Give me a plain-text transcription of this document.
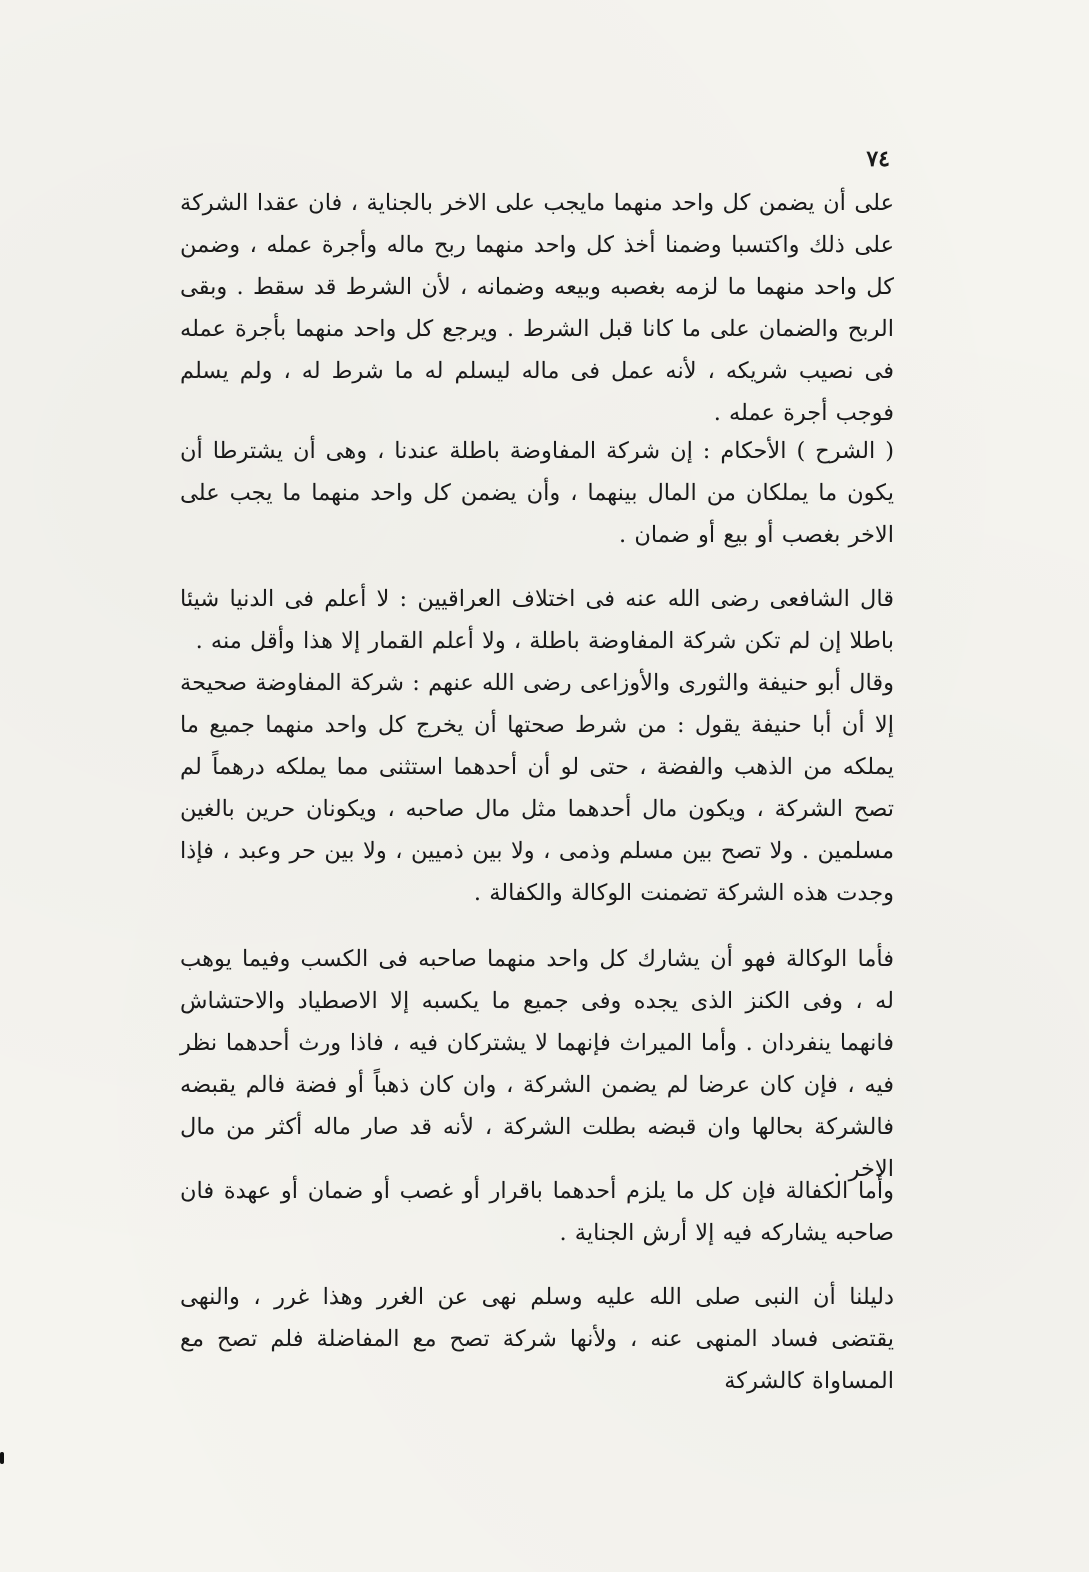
٧٤

على أن يضمن كل واحد منهما مايجب على الاخر بالجناية ، فان عقدا الشركة على ذلك واكتسبا وضمنا أخذ كل واحد منهما ربح ماله وأجرة عمله ، وضمن كل واحد منهما ما لزمه بغصبه وبيعه وضمانه ، لأن الشرط قد سقط . وبقى الربح والضمان على ما كانا قبل الشرط . ويرجع كل واحد منهما بأجرة عمله فى نصيب شريكه ، لأنه عمل فى ماله ليسلم له ما شرط له ، ولم يسلم فوجب أجرة عمله .

( الشرح ) الأحكام : إن شركة المفاوضة باطلة عندنا ، وهى أن يشترطا أن يكون ما يملكان من المال بينهما ، وأن يضمن كل واحد منهما ما يجب على الاخر بغصب أو بيع أو ضمان .

قال الشافعى رضى الله عنه فى اختلاف العراقيين : لا أعلم فى الدنيا شيئا باطلا إن لم تكن شركة المفاوضة باطلة ، ولا أعلم القمار إلا هذا وأقل منه .

وقال أبو حنيفة والثورى والأوزاعى رضى الله عنهم : شركة المفاوضة صحيحة إلا أن أبا حنيفة يقول : من شرط صحتها أن يخرج كل واحد منهما جميع ما يملكه من الذهب والفضة ، حتى لو أن أحدهما استثنى مما يملكه درهماً لم تصح الشركة ، ويكون مال أحدهما مثل مال صاحبه ، ويكونان حرين بالغين مسلمين . ولا تصح بين مسلم وذمى ، ولا بين ذميين ، ولا بين حر وعبد ، فإذا وجدت هذه الشركة تضمنت الوكالة والكفالة .

فأما الوكالة فهو أن يشارك كل واحد منهما صاحبه فى الكسب وفيما يوهب له ، وفى الكنز الذى يجده وفى جميع ما يكسبه إلا الاصطياد والاحتشاش فانهما ينفردان . وأما الميراث فإنهما لا يشتركان فيه ، فاذا ورث أحدهما نظر فيه ، فإن كان عرضا لم يضمن الشركة ، وان كان ذهباً أو فضة فالم يقبضه فالشركة بحالها وان قبضه بطلت الشركة ، لأنه قد صار ماله أكثر من مال الاخر .

وأما الكفالة فإن كل ما يلزم أحدهما باقرار أو غصب أو ضمان أو عهدة فان صاحبه يشاركه فيه إلا أرش الجناية .

دليلنا أن النبى صلى الله عليه وسلم نهى عن الغرر وهذا غرر ، والنهى يقتضى فساد المنهى عنه ، ولأنها شركة تصح مع المفاضلة فلم تصح مع المساواة كالشركة
